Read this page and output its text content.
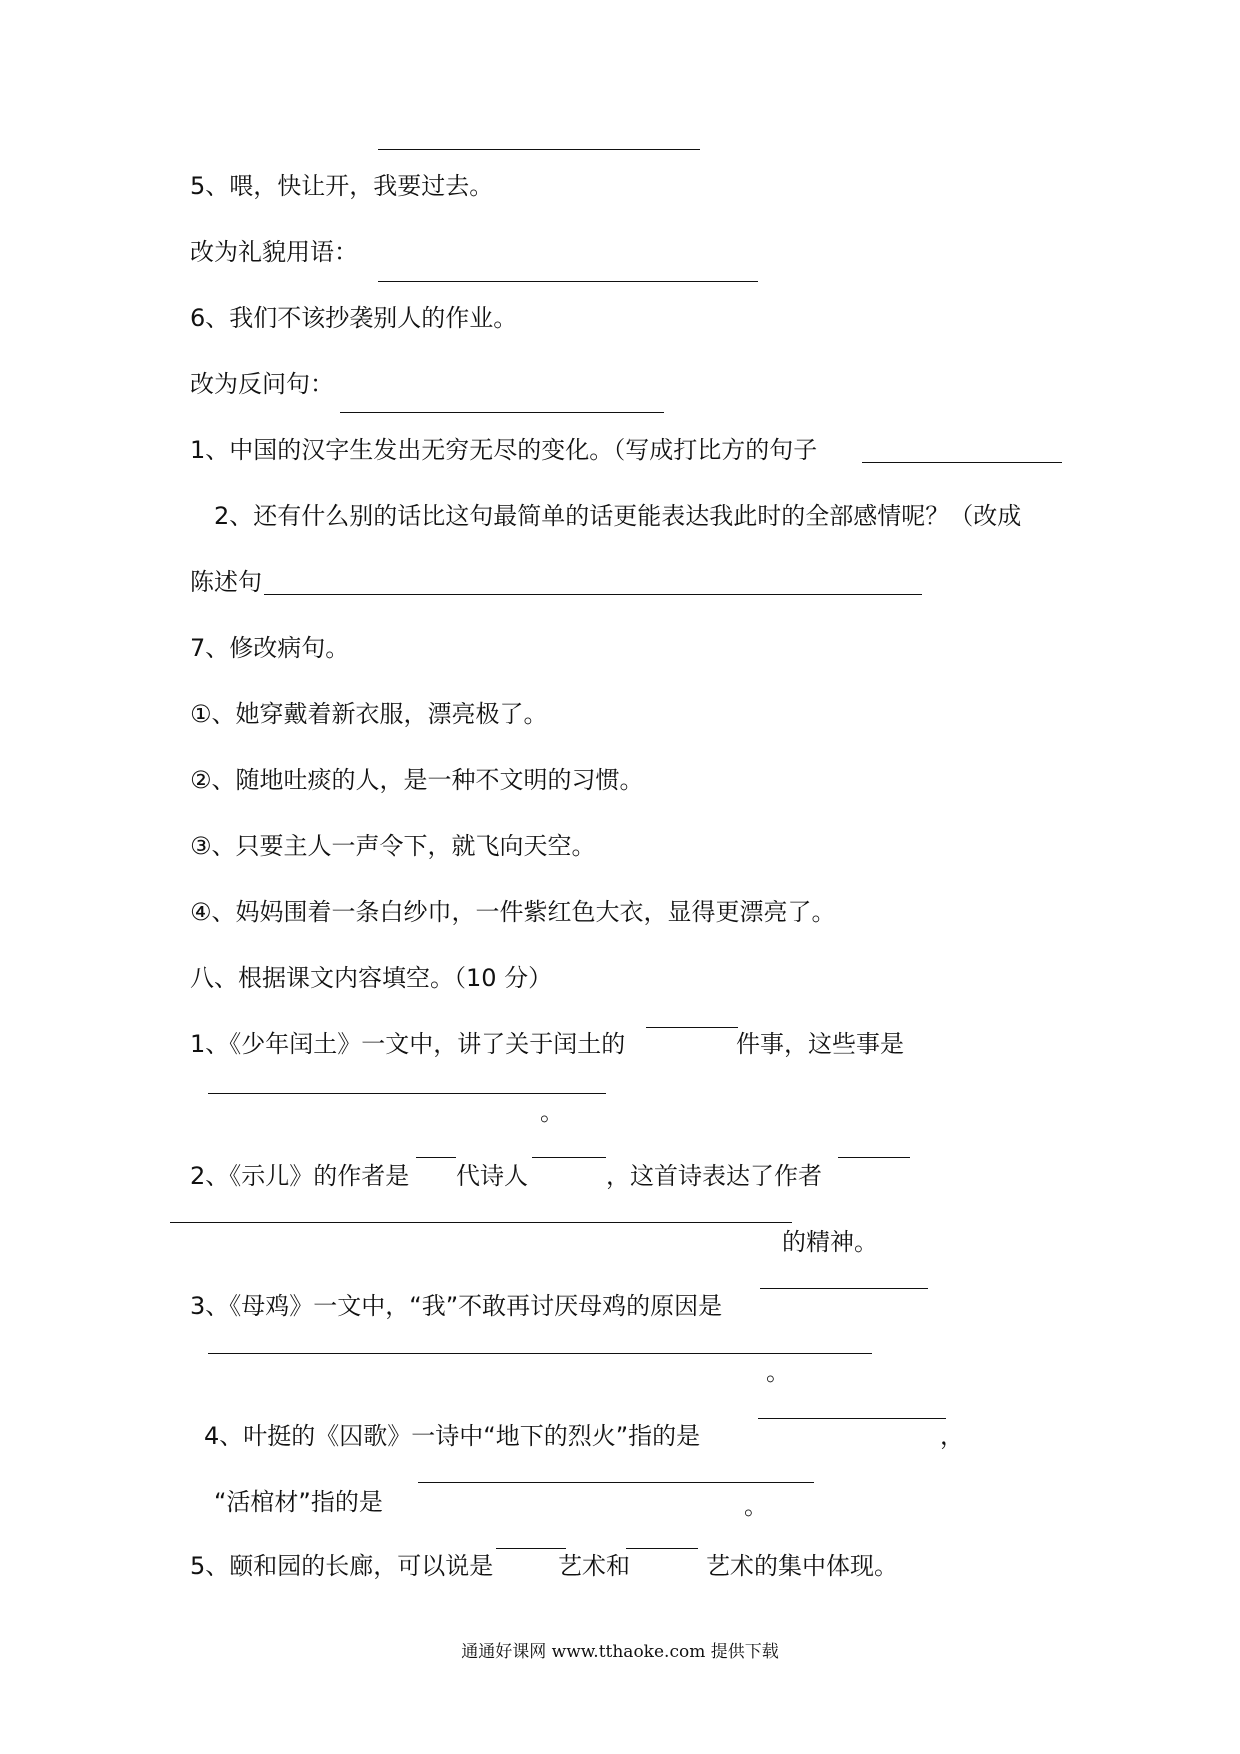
5、喂，快让开，我要过去。
改为礼貌用语：
6、我们不该抄袭别人的作业。
改为反问句：
1、中国的汉字生发出无穷无尽的变化。（写成打比方的句子
2、还有什么别的话比这句最简单的话更能表达我此时的全部感情呢？（改成
陈述句
7、修改病句。
①、她穿戴着新衣服，漂亮极了。
②、随地吐痰的人，是一种不文明的习惯。
③、只要主人一声令下，就飞向天空。
④、妈妈围着一条白纱巾，一件紫红色大衣，显得更漂亮了。
八、根据课文内容填空。（10 分）
1、《少年闰土》一文中，讲了关于闰土的	件事，这些事是
。
2、《示儿》的作者是 代诗人	，这首诗表达了作者
的精神。
3、《母鸡》一文中，“我”不敢再讨厌母鸡的原因是
。
4、叶挺的《囚歌》一诗中“地下的烈火”指的是	，
“活棺材”指的是	。
5、颐和园的长廊，可以说是	艺术和	艺术的集中体现。
通通好课网 www.tthaoke.com 提供下载
